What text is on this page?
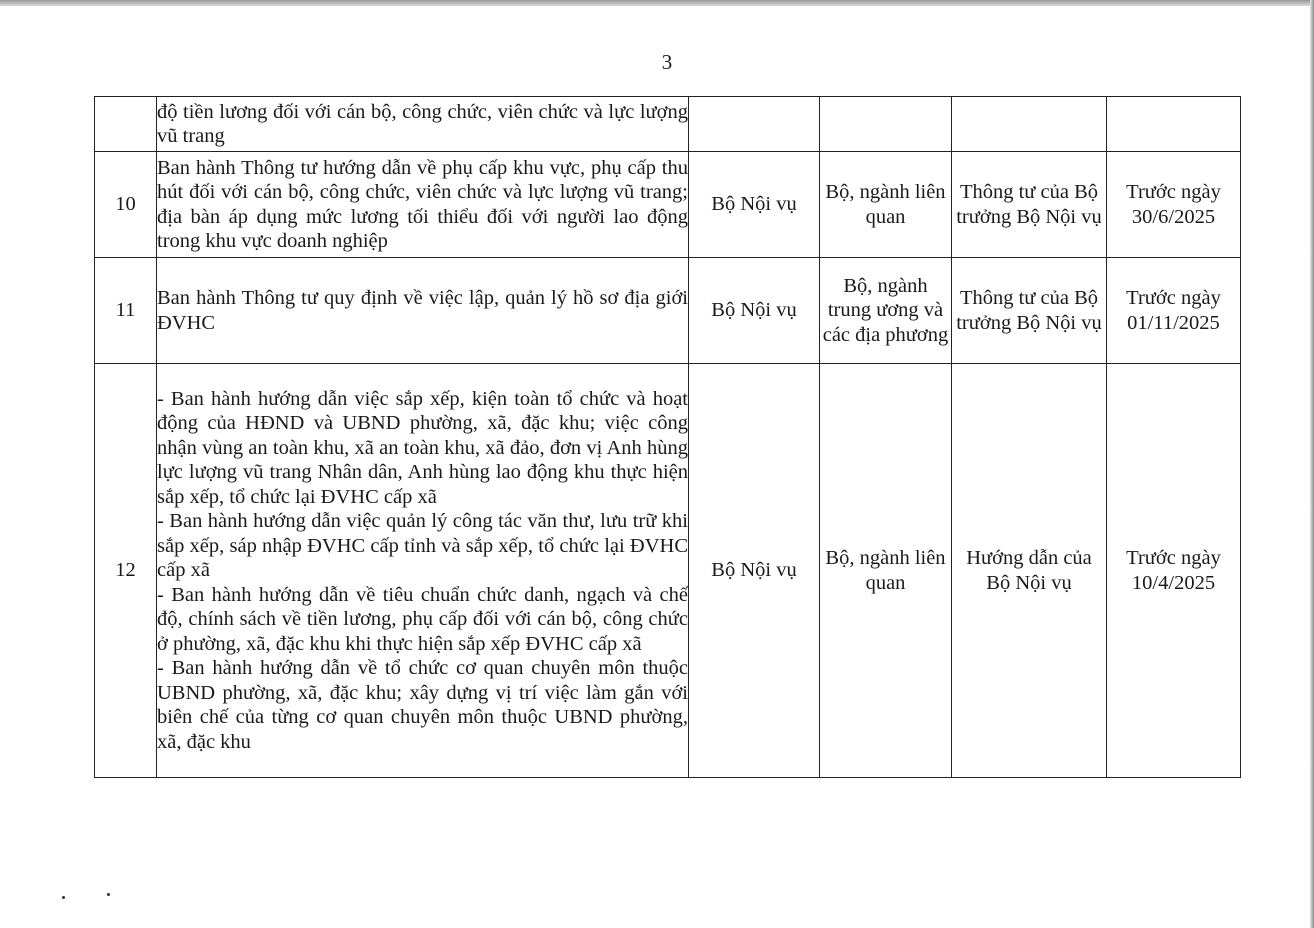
3

	độ tiền lương đối với cán bộ, công chức, viên chức và lực lượng vũ trang				

10	Ban hành Thông tư hướng dẫn về phụ cấp khu vực, phụ cấp thu hút đối với cán bộ, công chức, viên chức và lực lượng vũ trang; địa bàn áp dụng mức lương tối thiểu đối với người lao động trong khu vực doanh nghiệp	Bộ Nội vụ	Bộ, ngành liên quan	Thông tư của Bộ trưởng Bộ Nội vụ	Trước ngày 30/6/2025
11	Ban hành Thông tư quy định về việc lập, quản lý hồ sơ địa giới ĐVHC	Bộ Nội vụ	Bộ, ngành trung ương và các địa phương	Thông tư của Bộ trưởng Bộ Nội vụ	Trước ngày 01/11/2025
12	- Ban hành hướng dẫn việc sắp xếp, kiện toàn tổ chức và hoạt động của HĐND và UBND phường, xã, đặc khu; việc công nhận vùng an toàn khu, xã an toàn khu, xã đảo, đơn vị Anh hùng lực lượng vũ trang Nhân dân, Anh hùng lao động khu thực hiện sắp xếp, tổ chức lại ĐVHC cấp xã
- Ban hành hướng dẫn việc quản lý công tác văn thư, lưu trữ khi sắp xếp, sáp nhập ĐVHC cấp tỉnh và sắp xếp, tổ chức lại ĐVHC cấp xã
- Ban hành hướng dẫn về tiêu chuẩn chức danh, ngạch và chế độ, chính sách về tiền lương, phụ cấp đối với cán bộ, công chức ở phường, xã, đặc khu khi thực hiện sắp xếp ĐVHC cấp xã
- Ban hành hướng dẫn về tổ chức cơ quan chuyên môn thuộc UBND phường, xã, đặc khu; xây dựng vị trí việc làm gắn với biên chế của từng cơ quan chuyên môn thuộc UBND phường, xã, đặc khu	Bộ Nội vụ	Bộ, ngành liên quan	Hướng dẫn của Bộ Nội vụ	Trước ngày 10/4/2025
